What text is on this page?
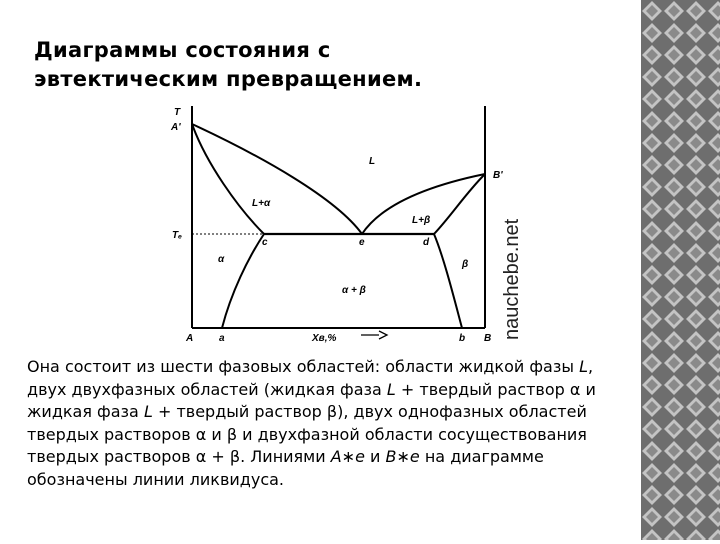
Диаграммы состояния с эвтектическим превращением.
T
A'
B'
L
L+α
L+β
Tₑ
c	e	d
α	β
α + β
A	a	Xв,%	b B nauchebe.net

Она состоит из шести фазовых областей: области жидкой фазы L, двух двухфазных областей (жидкая фаза L + твердый раствор α и жидкая фаза L + твердый раствор β), двух однофазных областей твердых растворов α и β и двухфазной области сосуществования твердых растворов α + β. Линиями A∗e и B∗e на диаграмме обозначены линии ликвидуса.
